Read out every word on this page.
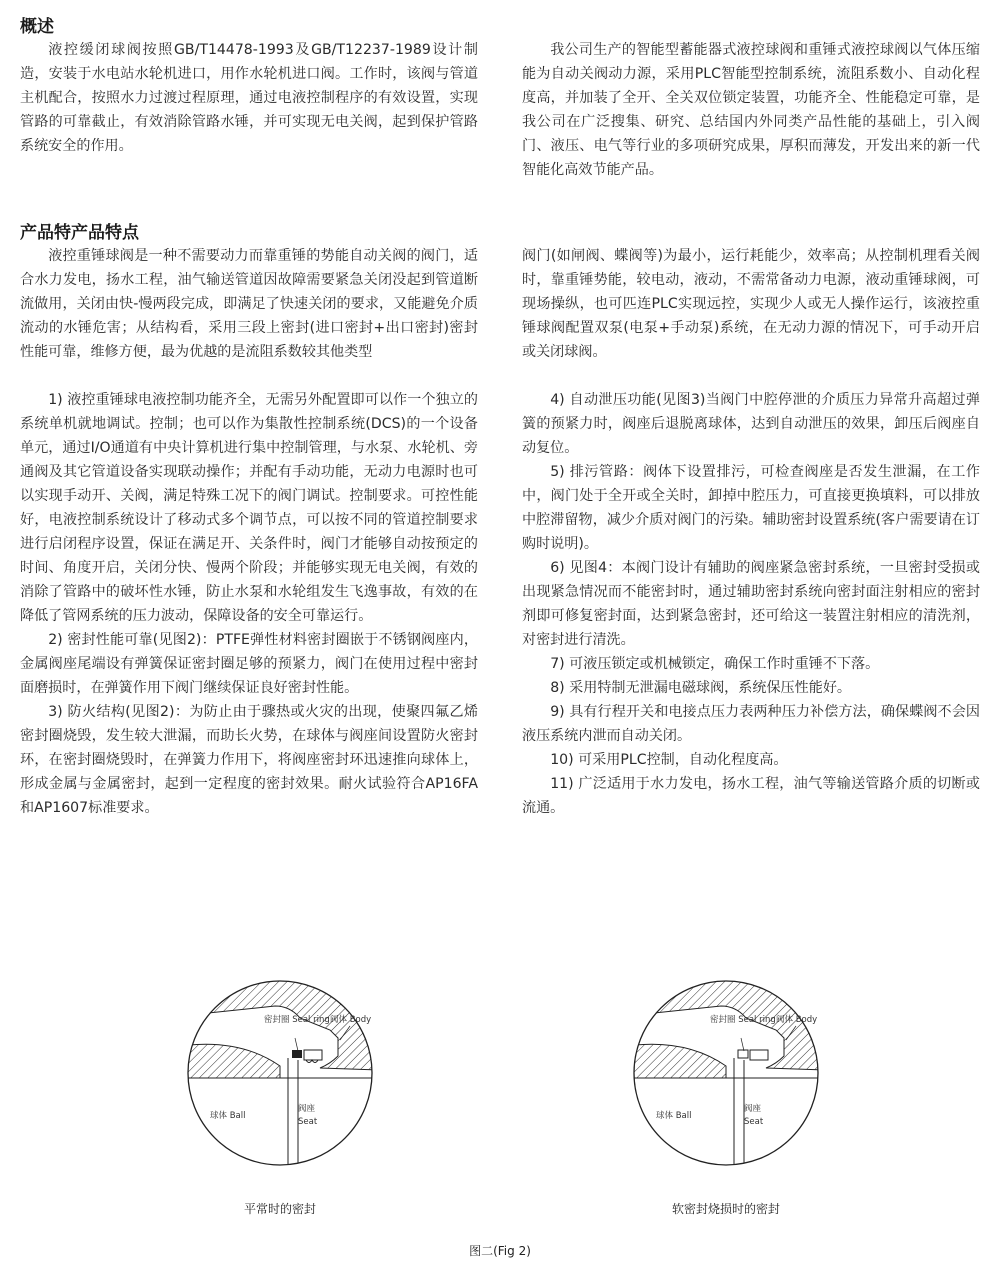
概述

液控缓闭球阀按照GB/T14478-1993及GB/T12237-1989设计制造，安装于水电站水轮机进口，用作水轮机进口阀。工作时，该阀与管道主机配合，按照水力过渡过程原理，通过电液控制程序的有效设置，实现管路的可靠截止，有效消除管路水锤，并可实现无电关阀，起到保护管路系统安全的作用。

我公司生产的智能型蓄能器式液控球阀和重锤式液控球阀以气体压缩能为自动关阀动力源，采用PLC智能型控制系统，流阻系数小、自动化程度高，并加装了全开、全关双位锁定装置，功能齐全、性能稳定可靠，是我公司在广泛搜集、研究、总结国内外同类产品性能的基础上，引入阀门、液压、电气等行业的多项研究成果，厚积而薄发，开发出来的新一代智能化高效节能产品。

产品特产品特点

液控重锤球阀是一种不需要动力而靠重锤的势能自动关阀的阀门，适合水力发电，扬水工程，油气输送管道因故障需要紧急关闭没起到管道断流做用，关闭由快-慢两段完成，即满足了快速关闭的要求，又能避免介质流动的水锤危害；从结构看，采用三段上密封(进口密封+出口密封)密封性能可靠，维修方便，最为优越的是流阻系数较其他类型

1) 液控重锤球电液控制功能齐全，无需另外配置即可以作一个独立的系统单机就地调试。控制；也可以作为集散性控制系统(DCS)的一个设备单元，通过I/O通道有中央计算机进行集中控制管理，与水泵、水轮机、旁通阀及其它管道设备实现联动操作；并配有手动功能，无动力电源时也可以实现手动开、关阀，满足特殊工况下的阀门调试。控制要求。可控性能好，电液控制系统设计了移动式多个调节点，可以按不同的管道控制要求进行启闭程序设置，保证在满足开、关条件时，阀门才能够自动按预定的时间、角度开启，关闭分快、慢两个阶段；并能够实现无电关阀，有效的消除了管路中的破坏性水锤，防止水泵和水轮组发生飞逸事故，有效的在降低了管网系统的压力波动，保障设备的安全可靠运行。

2) 密封性能可靠(见图2)：PTFE弹性材料密封圈嵌于不锈钢阀座内，金属阀座尾端设有弹簧保证密封圈足够的预紧力，阀门在使用过程中密封面磨损时，在弹簧作用下阀门继续保证良好密封性能。

3) 防火结构(见图2)：为防止由于骤热或火灾的出现，使聚四氟乙烯密封圈烧毁，发生较大泄漏，而助长火势，在球体与阀座间设置防火密封环，在密封圈烧毁时，在弹簧力作用下，将阀座密封环迅速推向球体上，形成金属与金属密封，起到一定程度的密封效果。耐火试验符合AP16FA和AP1607标准要求。

阀门(如闸阀、蝶阀等)为最小，运行耗能少，效率高；从控制机理看关阀时，靠重锤势能，较电动，液动，不需常备动力电源，液动重锤球阀，可现场操纵，也可匹连PLC实现远控，实现少人或无人操作运行，该液控重锤球阀配置双泵(电泵+手动泵)系统，在无动力源的情况下，可手动开启或关闭球阀。

4) 自动泄压功能(见图3)当阀门中腔停泄的介质压力异常升高超过弹簧的预紧力时，阀座后退脱离球体，达到自动泄压的效果，卸压后阀座自动复位。

5) 排污管路：阀体下设置排污，可检查阀座是否发生泄漏，在工作中，阀门处于全开或全关时，卸掉中腔压力，可直接更换填料，可以排放中腔滞留物，减少介质对阀门的污染。辅助密封设置系统(客户需要请在订购时说明)。

6) 见图4：本阀门设计有辅助的阀座紧急密封系统，一旦密封受损或出现紧急情况而不能密封时，通过辅助密封系统向密封面注射相应的密封剂即可修复密封面，达到紧急密封，还可给这一装置注射相应的清洗剂，对密封进行清洗。

7) 可液压锁定或机械锁定，确保工作时重锤不下落。

8) 采用特制无泄漏电磁球阀，系统保压性能好。

9) 具有行程开关和电接点压力表两种压力补偿方法，确保蝶阀不会因液压系统内泄而自动关闭。

10) 可采用PLC控制，自动化程度高。

11) 广泛适用于水力发电，扬水工程，油气等输送管路介质的切断或流通。

密封圈 Seal ring 阀体 Body
球体 Ball
阀座
Seat
平常时的密封
密封圈 Seal ring 阀体 Body
球体 Ball
阀座
Seat
软密封烧损时的密封
图二(Fig 2)
